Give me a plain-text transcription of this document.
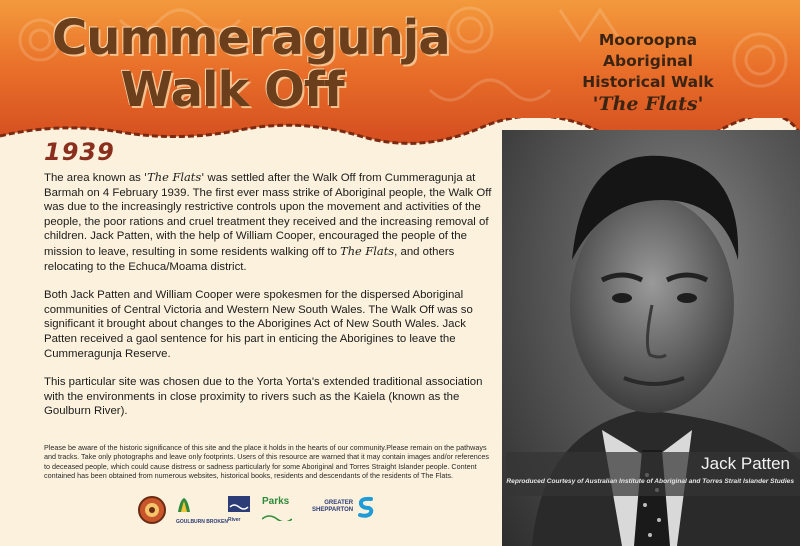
Cummeragunja
Walk Off
Mooroopna
Aboriginal
Historical Walk
'The Flats'
1939

The area known as 'The Flats' was settled after the Walk Off from Cummeragunja at Barmah on 4 February 1939. The first ever mass strike of Aboriginal people, the Walk Off was due to the increasingly restrictive controls upon the movement and activities of the people, the poor rations and cruel treatment they received and the increasing removal of children. Jack Patten, with the help of William Cooper, encouraged the people of the mission to leave, resulting in some residents walking off to The Flats, and others relocating to the Echuca/Moama district.

Both Jack Patten and William Cooper were spokesmen for the dispersed Aboriginal communities of Central Victoria and Western New South Wales. The Walk Off was so significant it brought about changes to the Aborigines Act of New South Wales. Jack Patten received a gaol sentence for his part in enticing the Aborigines to leave the Cummeragunja Reserve.

This particular site was chosen due to the Yorta Yorta's extended traditional association with the environments in close proximity to rivers such as the Kaiela (known as the Goulburn River).

Please be aware of the historic significance of this site and the place it holds in the hearts of our community.Please remain on the pathways and tracks. Take only photographs and leave only footprints. Users of this resource are warned that it may contain images and/or references to deceased people, which could cause distress or sadness particularly for some Aboriginal and Torres Straight Islander people. Content contained has been obtained from numerous websites, historical books, residents and descendants of the residents of The Flats.
GOULBURN BROKEN River
Parks	GREATER
SHEPPARTON
Jack Patten
Reproduced Courtesy of Australian Institute of Aboriginal and Torres Strait Islander Studies
